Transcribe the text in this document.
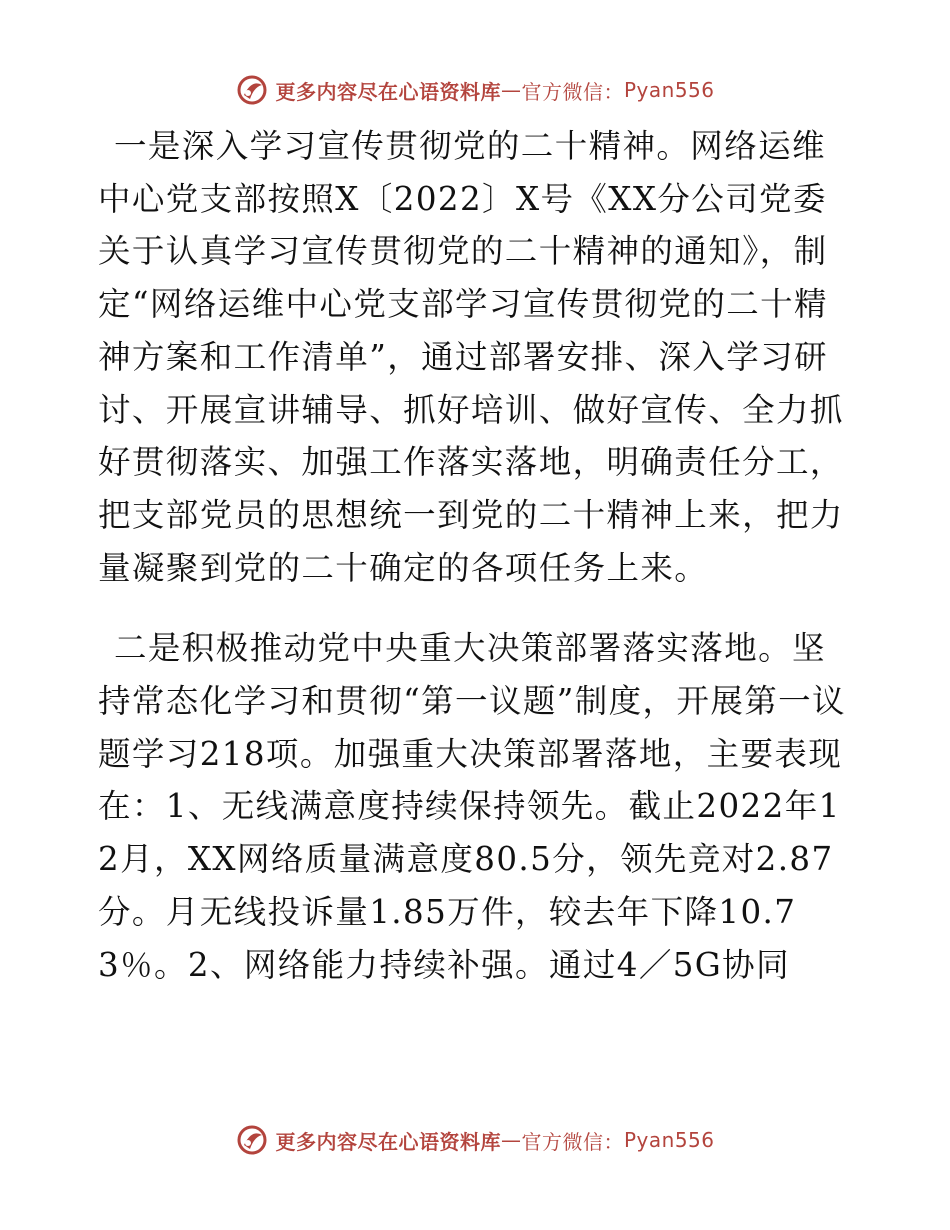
更多内容尽在心语资料库 — 官方微信： Pyan556

一是深入学习宣传贯彻党的二十精神。网络运维中心党支部按照X〔2022〕X号《XX分公司党委关于认真学习宣传贯彻党的二十精神的通知》，制定“网络运维中心党支部学习宣传贯彻党的二十精神方案和工作清单”，通过部署安排、深入学习研讨、开展宣讲辅导、抓好培训、做好宣传、全力抓好贯彻落实、加强工作落实落地，明确责任分工，把支部党员的思想统一到党的二十精神上来，把力量凝聚到党的二十确定的各项任务上来。

二是积极推动党中央重大决策部署落实落地。坚持常态化学习和贯彻“第一议题”制度，开展第一议题学习218项。加强重大决策部署落地，主要表现在：1、无线满意度持续保持领先。截止2022年12月，XX网络质量满意度80.5分，领先竞对2.87分。月无线投诉量1.85万件，较去年下降10.73％。2、网络能力持续补强。通过4／5G协同

更多内容尽在心语资料库 — 官方微信： Pyan556
